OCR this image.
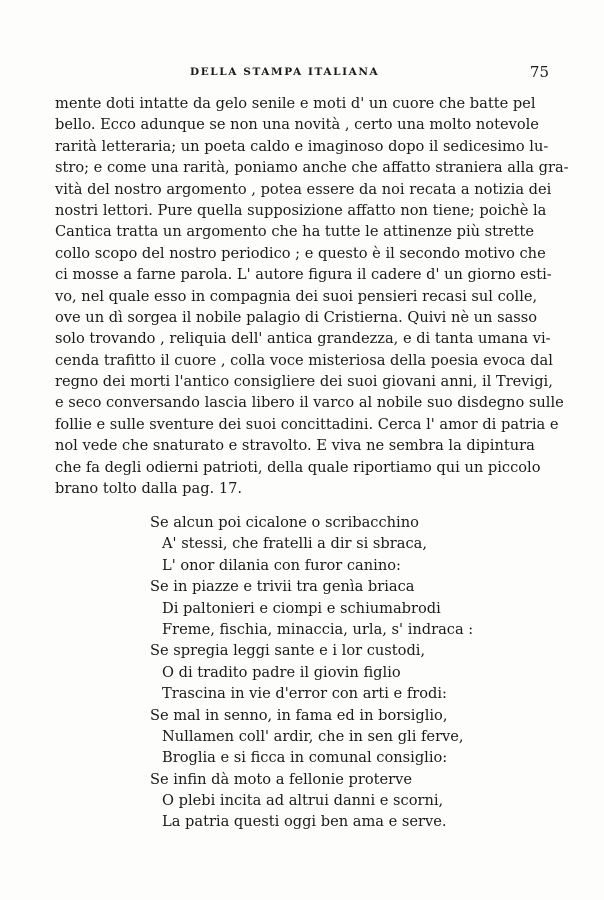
DELLA STAMPA ITALIANA	75
mente doti intatte da gelo senile e moti d' un cuore che batte pel
bello. Ecco adunque se non una novità , certo una molto notevole
rarità letteraria; un poeta caldo e imaginoso dopo il sedicesimo lu-
stro; e come una rarità, poniamo anche che affatto straniera alla gra-
vità del nostro argomento , potea essere da noi recata a notizia dei
nostri lettori. Pure quella supposizione affatto non tiene; poichè la
Cantica tratta un argomento che ha tutte le attinenze più strette
collo scopo del nostro periodico ; e questo è il secondo motivo che
ci mosse a farne parola. L' autore figura il cadere d' un giorno esti-
vo, nel quale esso in compagnia dei suoi pensieri recasi sul colle,
ove un dì sorgea il nobile palagio di Cristierna. Quivi nè un sasso
solo trovando , reliquia dell' antica grandezza, e di tanta umana vi-
cenda trafitto il cuore , colla voce misteriosa della poesia evoca dal
regno dei morti l'antico consigliere dei suoi giovani anni, il Trevigi,
e seco conversando lascia libero il varco al nobile suo disdegno sulle
follie e sulle sventure dei suoi concittadini. Cerca l' amor di patria e
nol vede che snaturato e stravolto. E viva ne sembra la dipintura
che fa degli odierni patrioti, della quale riportiamo qui un piccolo
brano tolto dalla pag. 17.
Se alcun poi cicalone o scribacchino
A' stessi, che fratelli a dir si sbraca,
L' onor dilania con furor canino:
Se in piazze e trivii tra genìa briaca
Di paltonieri e ciompi e schiumabrodi
Freme, fischia, minaccia, urla, s' indraca :
Se spregia leggi sante e i lor custodi,
O di tradito padre il giovin figlio
Trascina in vie d'error con arti e frodi:
Se mal in senno, in fama ed in borsiglio,
Nullamen coll' ardir, che in sen gli ferve,
Broglia e si ficca in comunal consiglio:
Se infin dà moto a fellonie proterve
O plebi incita ad altrui danni e scorni,
La patria questi oggi ben ama e serve.
